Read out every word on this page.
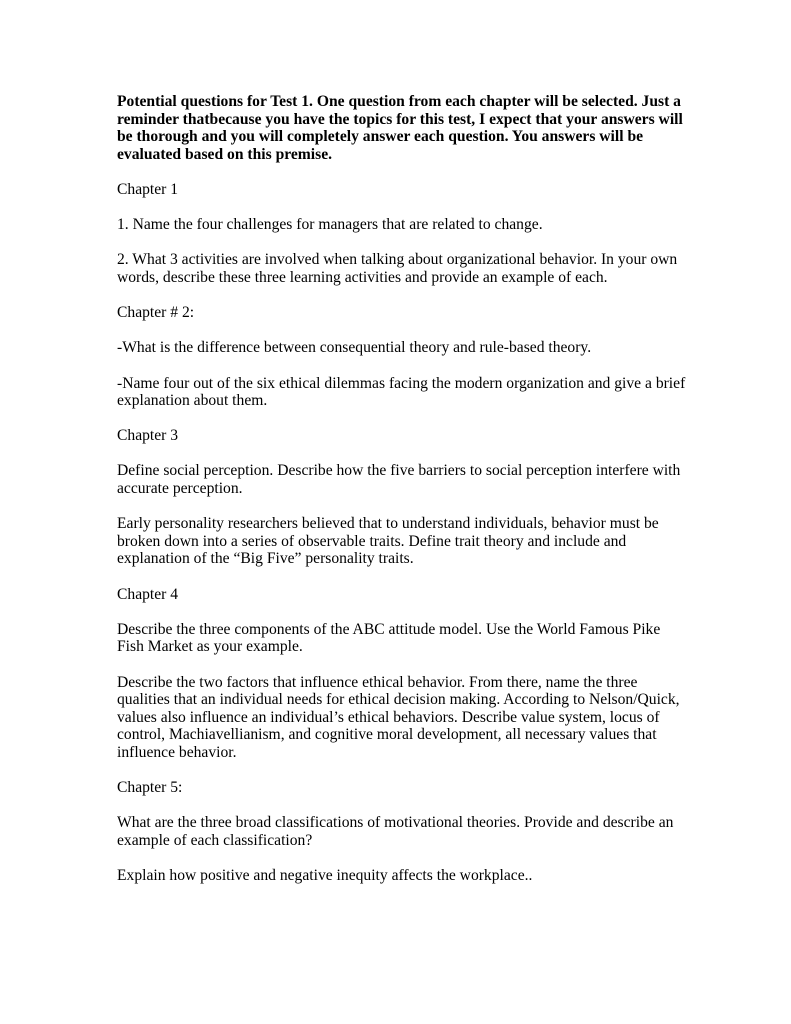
Potential questions for Test 1. One question from each chapter will be selected. Just a reminder thatbecause you have the topics for this test, I expect that your answers will be thorough and you will completely answer each question. You answers will be evaluated based on this premise.

Chapter 1

1. Name the four challenges for managers that are related to change.

2. What 3 activities are involved when talking about organizational behavior. In your own words, describe these three learning activities and provide an example of each.

Chapter # 2:

-What is the difference between consequential theory and rule-based theory.

-Name four out of the six ethical dilemmas facing the modern organization and give a brief explanation about them.

Chapter 3

Define social perception. Describe how the five barriers to social perception interfere with accurate perception.

Early personality researchers believed that to understand individuals, behavior must be broken down into a series of observable traits. Define trait theory and include and explanation of the “Big Five” personality traits.

Chapter 4

Describe the three components of the ABC attitude model. Use the World Famous Pike Fish Market as your example.

Describe the two factors that influence ethical behavior. From there, name the three qualities that an individual needs for ethical decision making. According to Nelson/Quick, values also influence an individual’s ethical behaviors. Describe value system, locus of control, Machiavellianism, and cognitive moral development, all necessary values that influence behavior.

Chapter 5:

What are the three broad classifications of motivational theories. Provide and describe an example of each classification?

Explain how positive and negative inequity affects the workplace..
